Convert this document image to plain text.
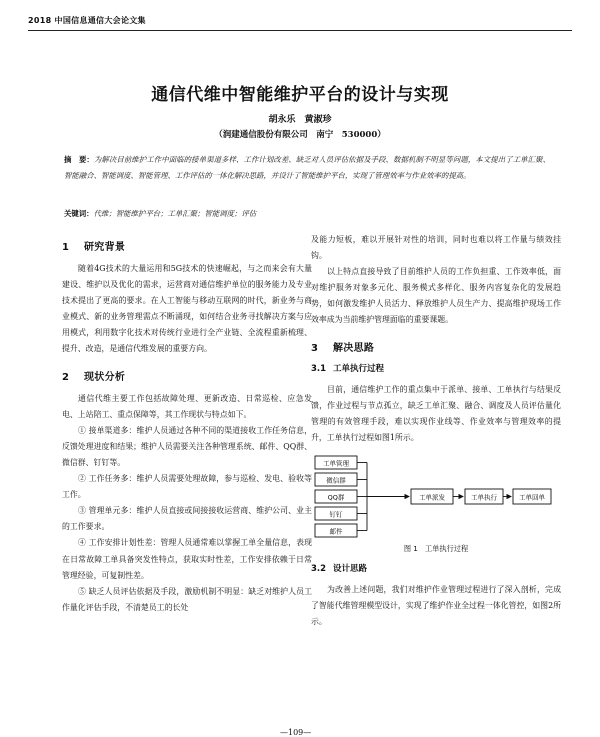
2018 中国信息通信大会论文集
通信代维中智能维护平台的设计与实现
胡永乐　黄淑珍
（润建通信股份有限公司　南宁　530000）
摘　要：为解决目前维护工作中面临的接单渠道多样、工作计划改差、缺乏对人员评估依据及手段、数据机制不明显等问题，本文提出了工单汇聚、智能融合、智能调度、智能管理、工作评估的一体化解决思路，并设计了智能维护平台，实现了管理效率与作业效率的提高。
关键词：代维；智能维护平台；工单汇聚；智能调度；评估
1 研究背景

随着4G技术的大量运用和5G技术的快速崛起，与之而来会有大量建设、维护以及优化的需求，运营商对通信维护单位的服务能力及专业技术提出了更高的要求。在人工智能与移动互联网的时代，新业务与商业模式、新的业务管理需点不断涌现，如何结合业务寻找解决方案与应用模式，利用数字化技术对传统行业进行全产业链、全流程重新梳理、提升、改造，是通信代维发展的重要方向。

2 现状分析

通信代维主要工作包括故障处理、更新改造、日常巡检、应急发电、上站陪工、重点保障等，其工作现状与特点如下。

① 接单渠道多：维护人员通过各种不同的渠道接收工作任务信息，反馈处理进度和结果；维护人员需要关注各种管理系统、邮件、QQ群、微信群、钉钉等。

② 工作任务多：维护人员需要处理故障，参与巡检、发电、验收等工作。

③ 管理单元多：维护人员直接或间接接收运营商、维护公司、业主的工作要求。

④ 工作安排计划性差：管理人员通常难以掌握工单全量信息，表现在日常故障工单具备突发性特点，获取实时性差，工作安排依赖于日常管理经验，可复制性差。

⑤ 缺乏人员评估依据及手段，激励机制不明显：缺乏对维护人员工作量化评估手段，不清楚员工的长处

及能力短板，难以开展针对性的培训，同时也难以将工作量与绩效挂钩。

以上特点直接导致了目前维护人员的工作负担重、工作效率低，面对维护服务对象多元化、服务模式多样化、服务内容复杂化的发展趋势，如何激发维护人员活力、释放维护人员生产力、提高维护现场工作效率成为当前维护管理面临的重要课题。

3 解决思路
3.1 工单执行过程

目前，通信维护工作的重点集中于派单、接单、工单执行与结果反馈，作业过程与节点孤立，缺乏工单汇聚、融合、调度及人员评估量化管理的有效管理手段，难以实现作业线等、作业效率与管理效率的提升，工单执行过程如图1所示。

工单管理
微信群
QQ群
钉钉
邮件
工单派发	工单执行	工单回单
图 1　工单执行过程
3.2 设计思路

为改善上述问题，我们对维护作业管理过程进行了深入剖析，完成了智能代维管理模型设计，实现了维护作业全过程一体化管控，如图2所示。

—109—
